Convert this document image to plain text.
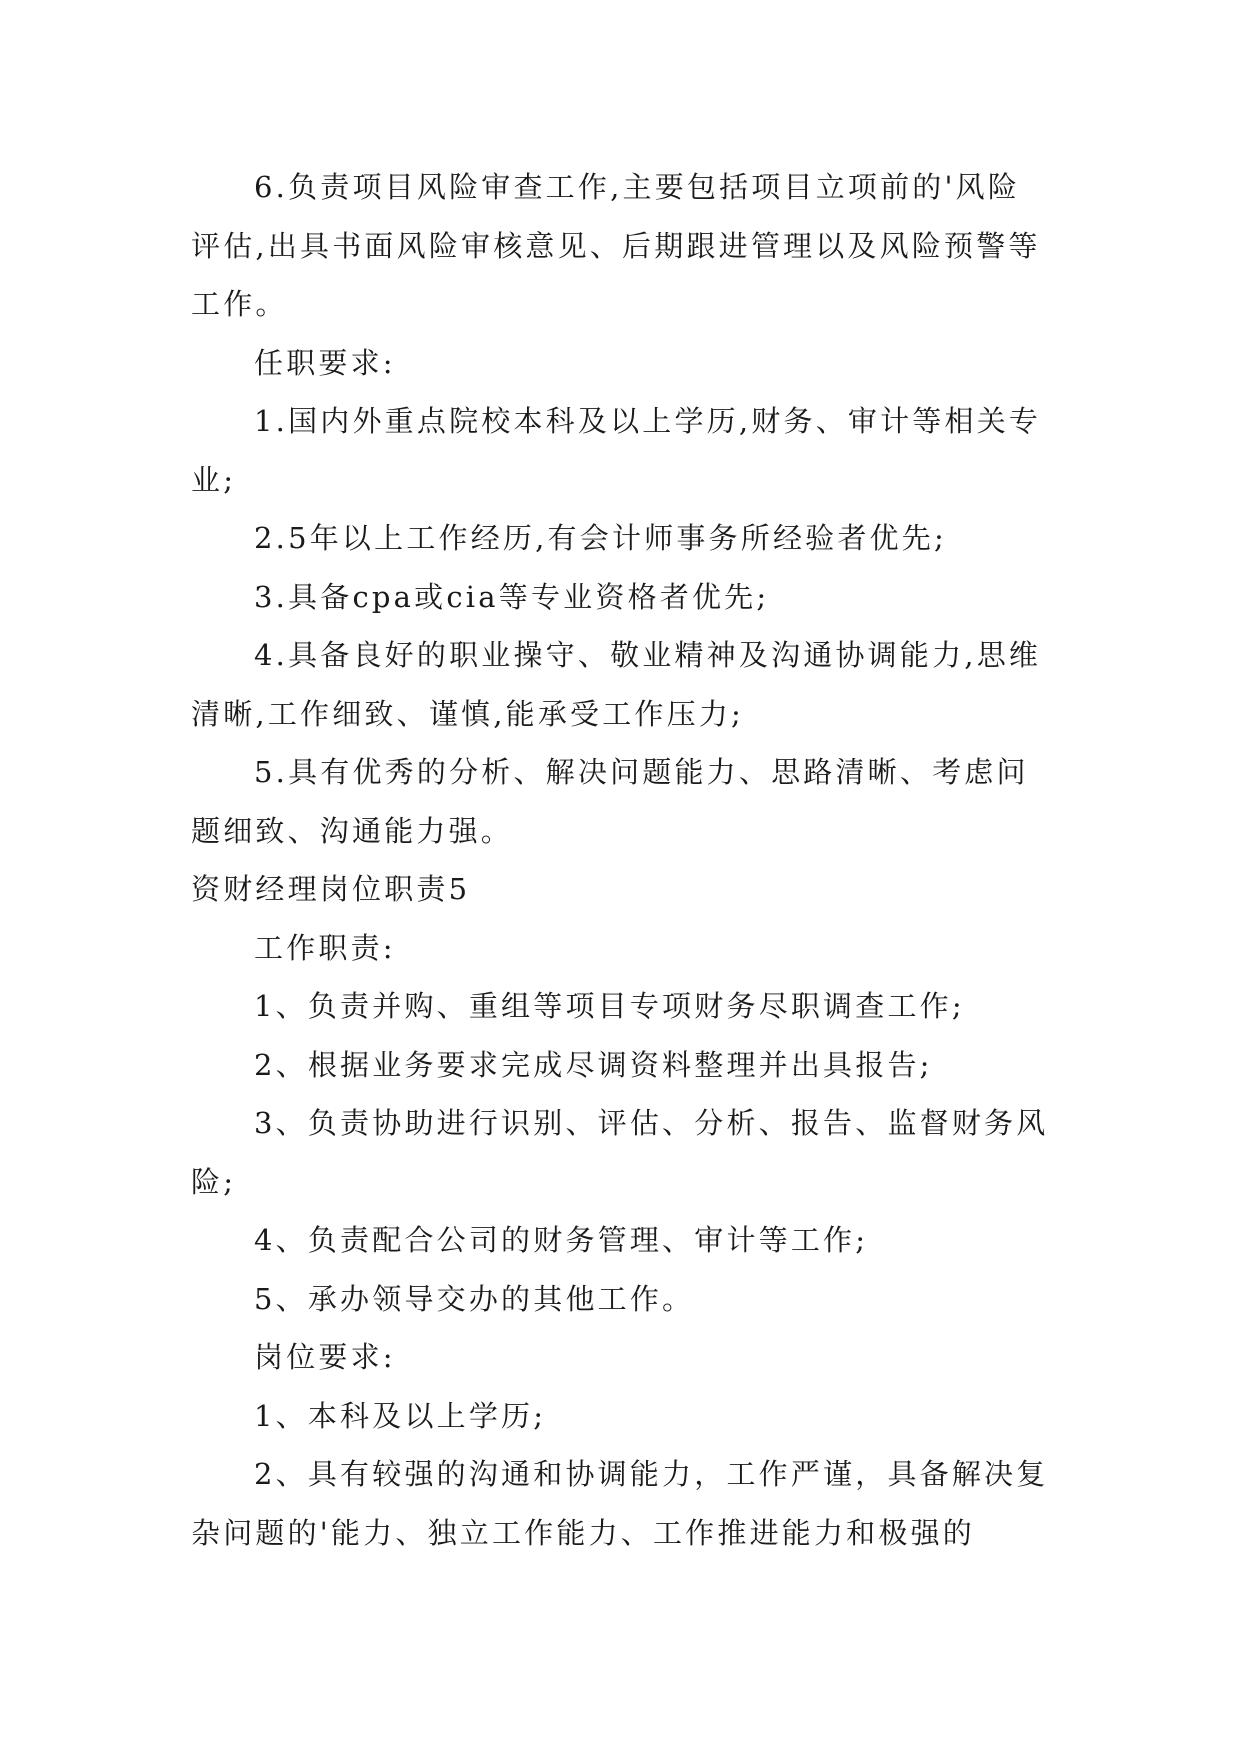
6.负责项目风险审查工作,主要包括项目立项前的'风险评估,出具书面风险审核意见、后期跟进管理以及风险预警等工作。

任职要求:

1.国内外重点院校本科及以上学历,财务、审计等相关专业;

2.5年以上工作经历,有会计师事务所经验者优先;

3.具备cpa或cia等专业资格者优先;

4.具备良好的职业操守、敬业精神及沟通协调能力,思维清晰,工作细致、谨慎,能承受工作压力;

5.具有优秀的分析、解决问题能力、思路清晰、考虑问题细致、沟通能力强。

资财经理岗位职责5

工作职责:

1、负责并购、重组等项目专项财务尽职调查工作;

2、根据业务要求完成尽调资料整理并出具报告;

3、负责协助进行识别、评估、分析、报告、监督财务风险;

4、负责配合公司的财务管理、审计等工作;

5、承办领导交办的其他工作。

岗位要求:

1、本科及以上学历;

2、具有较强的沟通和协调能力，工作严谨，具备解决复杂问题的'能力、独立工作能力、工作推进能力和极强的
